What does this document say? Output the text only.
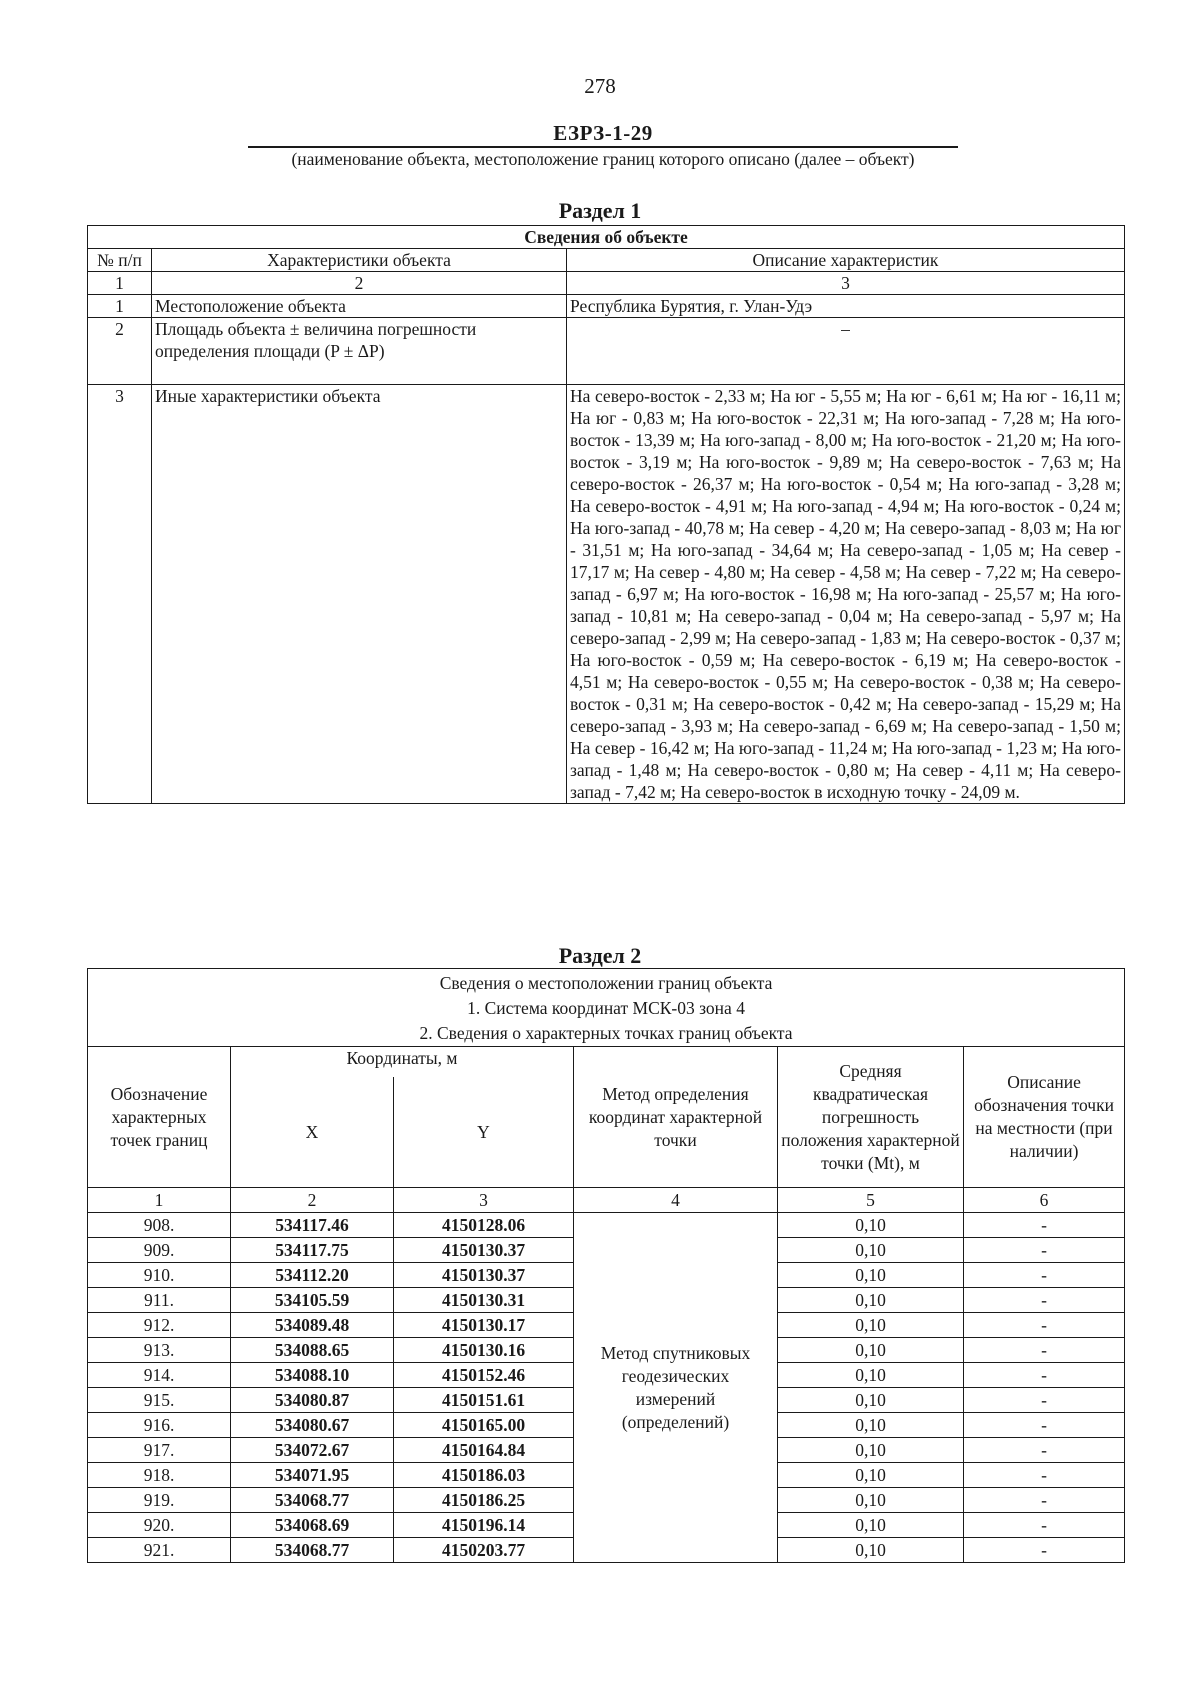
278
ЕЗРЗ-1-29
(наименование объекта, местоположение границ которого описано (далее – объект)
Раздел 1
Сведения об объекте		
№ п/п	Характеристики объекта	Описание характеристик
1	2	3
1	Местоположение объекта	Республика Бурятия, г. Улан-Удэ
2	Площадь объекта ± величина погрешности определения площади (P ± ΔP)	–
3	Иные характеристики объекта	На северо-восток - 2,33 м; На юг - 5,55 м; На юг - 6,61 м; На юг - 16,11 м; На юг - 0,83 м; На юго-восток - 22,31 м; На юго-запад - 7,28 м; На юго-восток - 13,39 м; На юго-запад - 8,00 м; На юго-восток - 21,20 м; На юго-восток - 3,19 м; На юго-восток - 9,89 м; На северо-восток - 7,63 м; На северо-восток - 26,37 м; На юго-восток - 0,54 м; На юго-запад - 3,28 м; На северо-восток - 4,91 м; На юго-запад - 4,94 м; На юго-восток - 0,24 м; На юго-запад - 40,78 м; На север - 4,20 м; На северо-запад - 8,03 м; На юг - 31,51 м; На юго-запад - 34,64 м; На северо-запад - 1,05 м; На север - 17,17 м; На север - 4,80 м; На север - 4,58 м; На север - 7,22 м; На северо-запад - 6,97 м; На юго-восток - 16,98 м; На юго-запад - 25,57 м; На юго-запад - 10,81 м; На северо-запад - 0,04 м; На северо-запад - 5,97 м; На северо-запад - 2,99 м; На северо-запад - 1,83 м; На северо-восток - 0,37 м; На юго-восток - 0,59 м; На северо-восток - 6,19 м; На северо-восток - 4,51 м; На северо-восток - 0,55 м; На северо-восток - 0,38 м; На северо-восток - 0,31 м; На северо-восток - 0,42 м; На северо-запад - 15,29 м; На северо-запад - 3,93 м; На северо-запад - 6,69 м; На северо-запад - 1,50 м; На север - 16,42 м; На юго-запад - 11,24 м; На юго-запад - 1,23 м; На юго-запад - 1,48 м; На северо-восток - 0,80 м; На север - 4,11 м; На северо-запад - 7,42 м; На северо-восток в исходную точку - 24,09 м.
Раздел 2
Сведения о местоположении границ объекта
1. Система координат МСК-03 зона 4
2. Сведения о характерных точках границ объекта					

Обозначение характерных точек границ	Координаты, м		Метод определения координат характерной точки	Средняя квадратическая погрешность положения характерной точки (Mt), м	Описание обозначения точки на местности (при наличии)
	X	Y			
1	2	3	4	5	6
908.	534117.46	4150128.06	Метод спутниковых геодезических измерений (определений)	0,10	-
909.	534117.75	4150130.37		0,10	-
910.	534112.20	4150130.37		0,10	-
911.	534105.59	4150130.31		0,10	-
912.	534089.48	4150130.17		0,10	-
913.	534088.65	4150130.16		0,10	-
914.	534088.10	4150152.46		0,10	-
915.	534080.87	4150151.61		0,10	-
916.	534080.67	4150165.00		0,10	-
917.	534072.67	4150164.84		0,10	-
918.	534071.95	4150186.03		0,10	-
919.	534068.77	4150186.25		0,10	-
920.	534068.69	4150196.14		0,10	-
921.	534068.77	4150203.77		0,10	-
